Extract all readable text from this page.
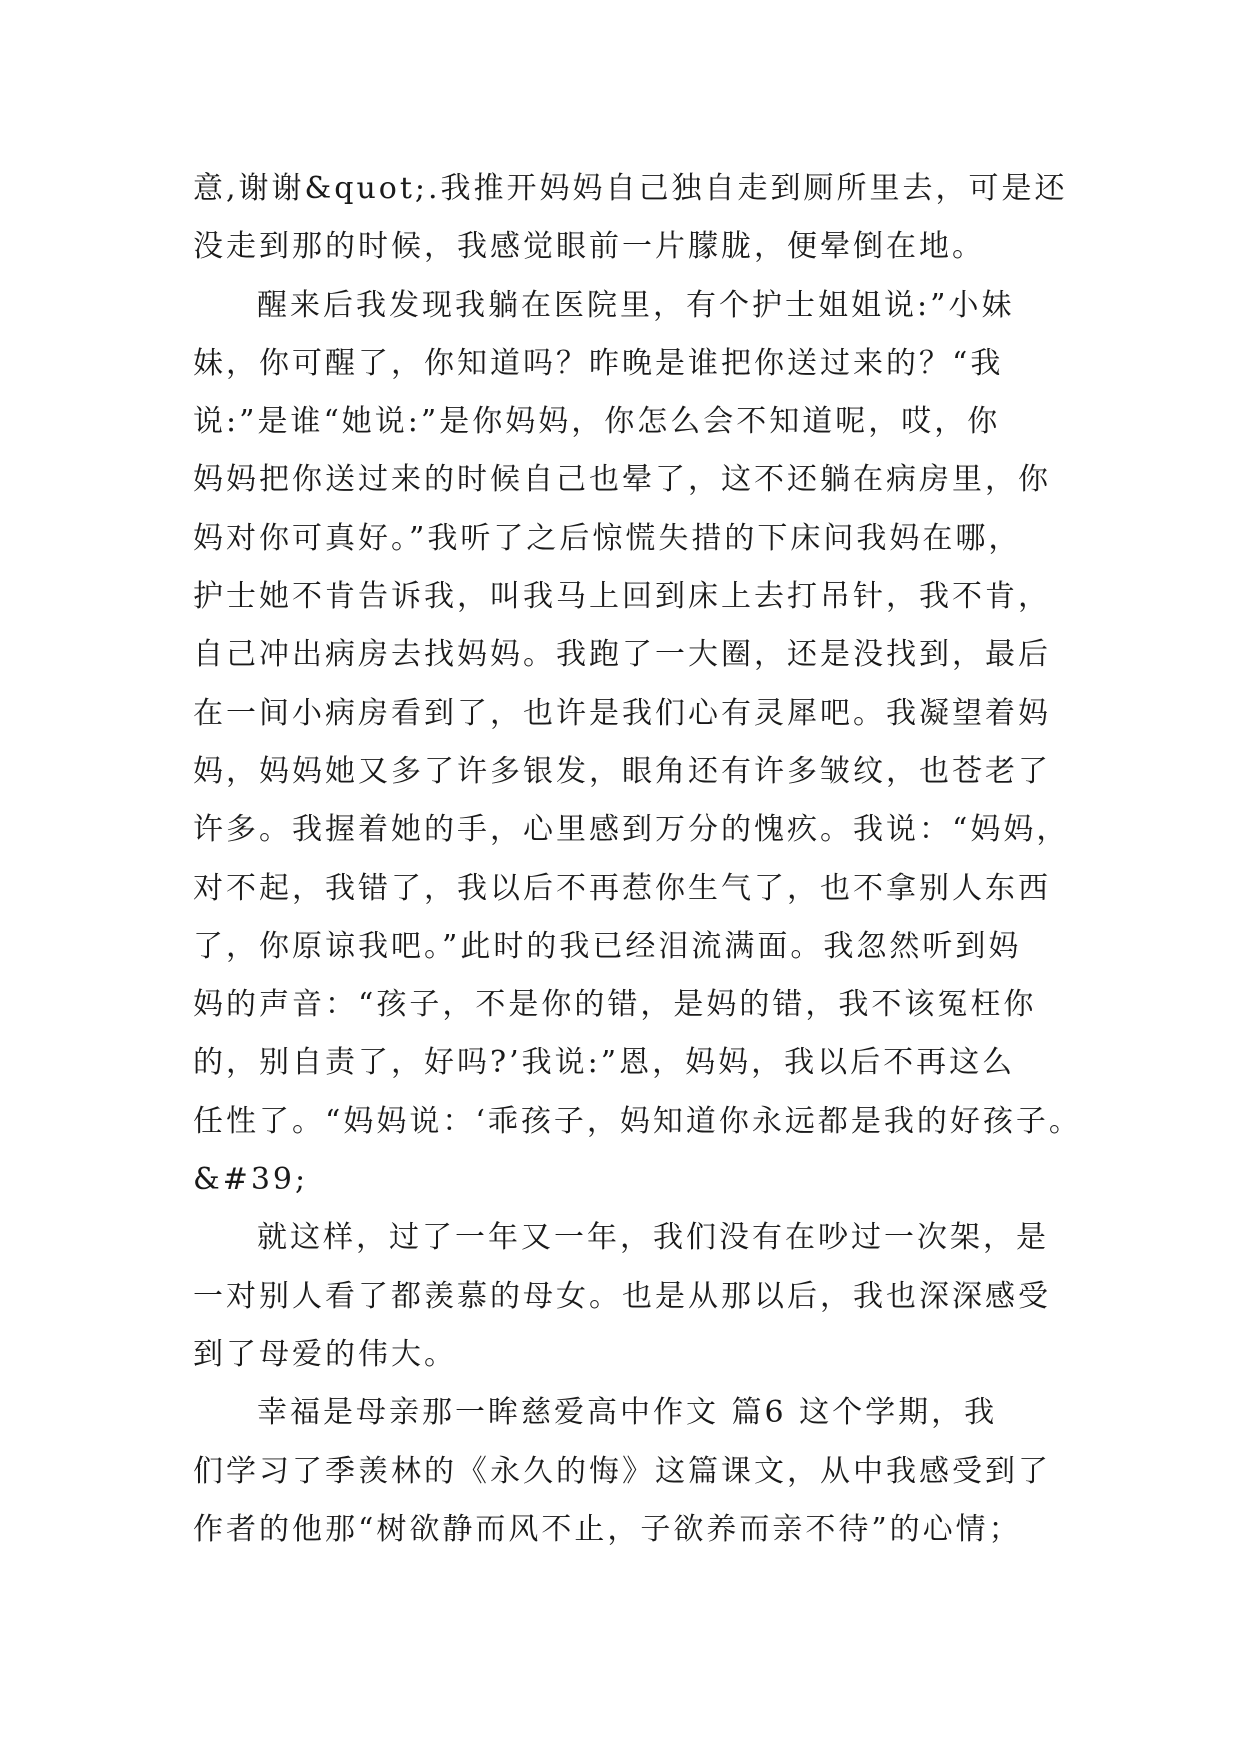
意,谢谢&quot;.我推开妈妈自己独自走到厕所里去，可是还

没走到那的时候，我感觉眼前一片朦胧，便晕倒在地。

醒来后我发现我躺在医院里，有个护士姐姐说:”小妹

妹，你可醒了，你知道吗？昨晚是谁把你送过来的？“我

说:”是谁“她说:”是你妈妈，你怎么会不知道呢，哎，你

妈妈把你送过来的时候自己也晕了，这不还躺在病房里，你

妈对你可真好。”我听了之后惊慌失措的下床问我妈在哪，

护士她不肯告诉我，叫我马上回到床上去打吊针，我不肯，

自己冲出病房去找妈妈。我跑了一大圈，还是没找到，最后

在一间小病房看到了，也许是我们心有灵犀吧。我凝望着妈

妈，妈妈她又多了许多银发，眼角还有许多皱纹，也苍老了

许多。我握着她的手，心里感到万分的愧疚。我说：“妈妈，

对不起，我错了，我以后不再惹你生气了，也不拿别人东西

了，你原谅我吧。”此时的我已经泪流满面。我忽然听到妈

妈的声音：“孩子，不是你的错，是妈的错，我不该冤枉你

的，别自责了，好吗?’我说:”恩，妈妈，我以后不再这么

任性了。“妈妈说：‘乖孩子，妈知道你永远都是我的好孩子。

&#39;

就这样，过了一年又一年，我们没有在吵过一次架，是

一对别人看了都羡慕的母女。也是从那以后，我也深深感受

到了母爱的伟大。

幸福是母亲那一眸慈爱高中作文 篇6 这个学期，我

们学习了季羡林的《永久的悔》这篇课文，从中我感受到了

作者的他那“树欲静而风不止，子欲养而亲不待”的心情；
